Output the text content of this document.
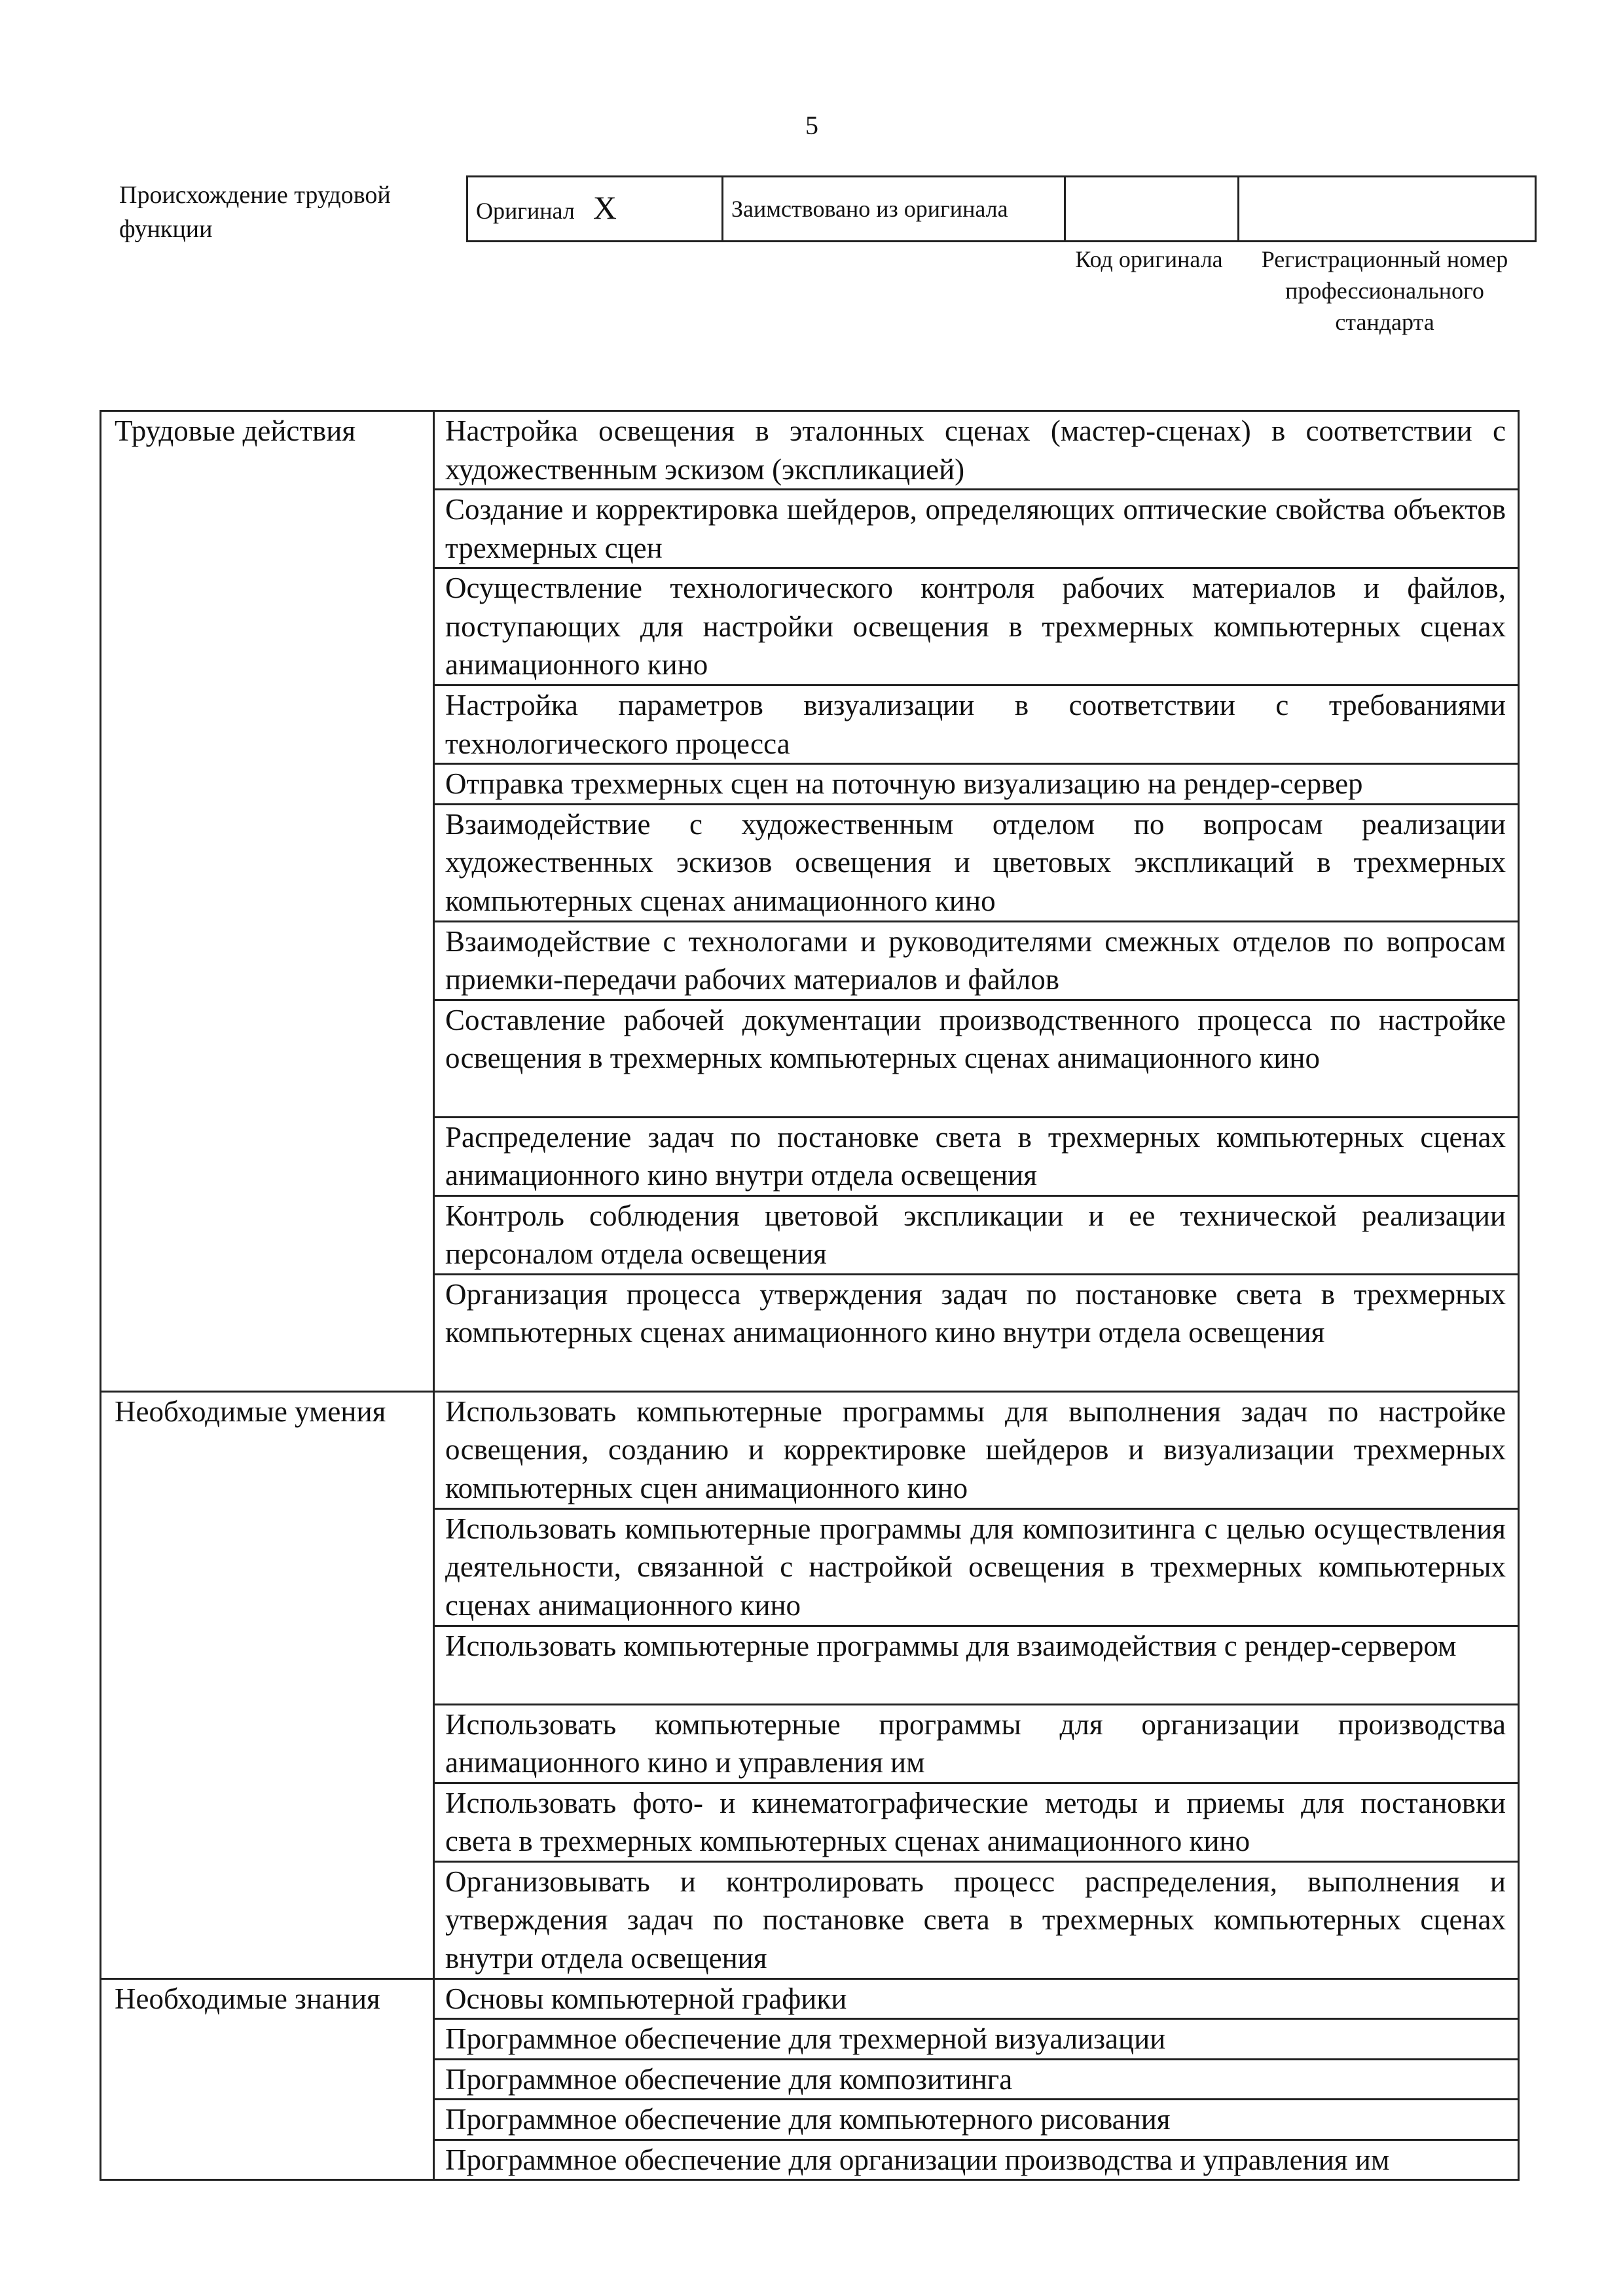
5
Происхождение трудовой функции
Оригинал X	Заимствовано из оригинала		
Код оригинала	Регистрационный номер профессионального стандарта
Трудовые действия	Настройка освещения в эталонных сценах (мастер-сценах) в соответствии с художественным эскизом (экспликацией)
	Создание и корректировка шейдеров, определяющих оптические свойства объектов трехмерных сцен
	Осуществление технологического контроля рабочих материалов и файлов, поступающих для настройки освещения в трехмерных компьютерных сценах анимационного кино
	Настройка параметров визуализации в соответствии с требованиями технологического процесса
	Отправка трехмерных сцен на поточную визуализацию на рендер-сервер
	Взаимодействие с художественным отделом по вопросам реализации художественных эскизов освещения и цветовых экспликаций в трехмерных компьютерных сценах анимационного кино
	Взаимодействие с технологами и руководителями смежных отделов по вопросам приемки-передачи рабочих материалов и файлов
	Составление рабочей документации производственного процесса по настройке освещения в трехмерных компьютерных сценах анимационного кино
	Распределение задач по постановке света в трехмерных компьютерных сценах анимационного кино внутри отдела освещения
	Контроль соблюдения цветовой экспликации и ее технической реализации персоналом отдела освещения
	Организация процесса утверждения задач по постановке света в трехмерных компьютерных сценах анимационного кино внутри отдела освещения
Необходимые умения	Использовать компьютерные программы для выполнения задач по настройке освещения, созданию и корректировке шейдеров и визуализации трехмерных компьютерных сцен анимационного кино
	Использовать компьютерные программы для композитинга с целью осуществления деятельности, связанной с настройкой освещения в трехмерных компьютерных сценах анимационного кино
	Использовать компьютерные программы для взаимодействия с рендер-сервером
	Использовать компьютерные программы для организации производства анимационного кино и управления им
	Использовать фото- и кинематографические методы и приемы для постановки света в трехмерных компьютерных сценах анимационного кино
	Организовывать и контролировать процесс распределения, выполнения и утверждения задач по постановке света в трехмерных компьютерных сценах внутри отдела освещения
Необходимые знания	Основы компьютерной графики
	Программное обеспечение для трехмерной визуализации
	Программное обеспечение для композитинга
	Программное обеспечение для компьютерного рисования
	Программное обеспечение для организации производства и управления им
